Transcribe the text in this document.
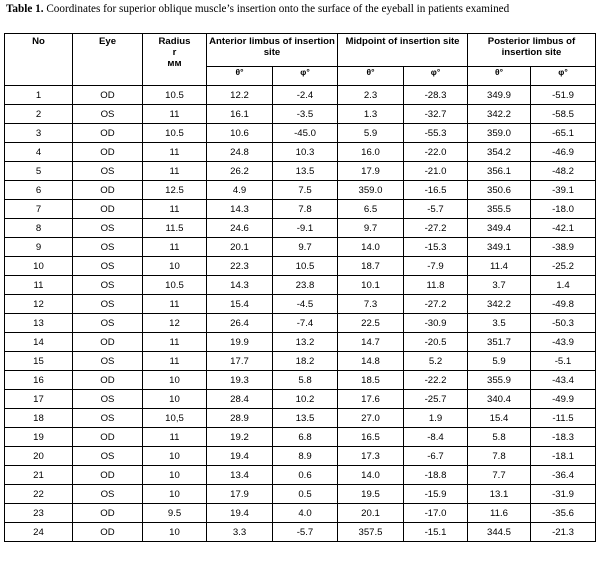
Table 1. Coordinates for superior oblique muscle’s insertion onto the surface of the eyeball in patients examined
No	Eye	Radius
r
мм	Anterior limbus of insertion site		Midpoint of insertion site		Posterior limbus of insertion site	
			θ°	φ°	θ°	φ°	θ°	φ°
1	OD	10.5	12.2	-2.4	2.3	-28.3	349.9	-51.9
2	OS	11	16.1	-3.5	1.3	-32.7	342.2	-58.5
3	OD	10.5	10.6	-45.0	5.9	-55.3	359.0	-65.1
4	OD	11	24.8	10.3	16.0	-22.0	354.2	-46.9
5	OS	11	26.2	13.5	17.9	-21.0	356.1	-48.2
6	OD	12.5	4.9	7.5	359.0	-16.5	350.6	-39.1
7	OD	11	14.3	7.8	6.5	-5.7	355.5	-18.0
8	OS	11.5	24.6	-9.1	9.7	-27.2	349.4	-42.1
9	OS	11	20.1	9.7	14.0	-15.3	349.1	-38.9
10	OS	10	22.3	10.5	18.7	-7.9	11.4	-25.2
11	OS	10.5	14.3	23.8	10.1	11.8	3.7	1.4
12	OS	11	15.4	-4.5	7.3	-27.2	342.2	-49.8
13	OS	12	26.4	-7.4	22.5	-30.9	3.5	-50.3
14	OD	11	19.9	13.2	14.7	-20.5	351.7	-43.9
15	OS	11	17.7	18.2	14.8	5.2	5.9	-5.1
16	OD	10	19.3	5.8	18.5	-22.2	355.9	-43.4
17	OS	10	28.4	10.2	17.6	-25.7	340.4	-49.9
18	OS	10,5	28.9	13.5	27.0	1.9	15.4	-11.5
19	OD	11	19.2	6.8	16.5	-8.4	5.8	-18.3
20	OS	10	19.4	8.9	17.3	-6.7	7.8	-18.1
21	OD	10	13.4	0.6	14.0	-18.8	7.7	-36.4
22	OS	10	17.9	0.5	19.5	-15.9	13.1	-31.9
23	OD	9.5	19.4	4.0	20.1	-17.0	11.6	-35.6
24	OD	10	3.3	-5.7	357.5	-15.1	344.5	-21.3
